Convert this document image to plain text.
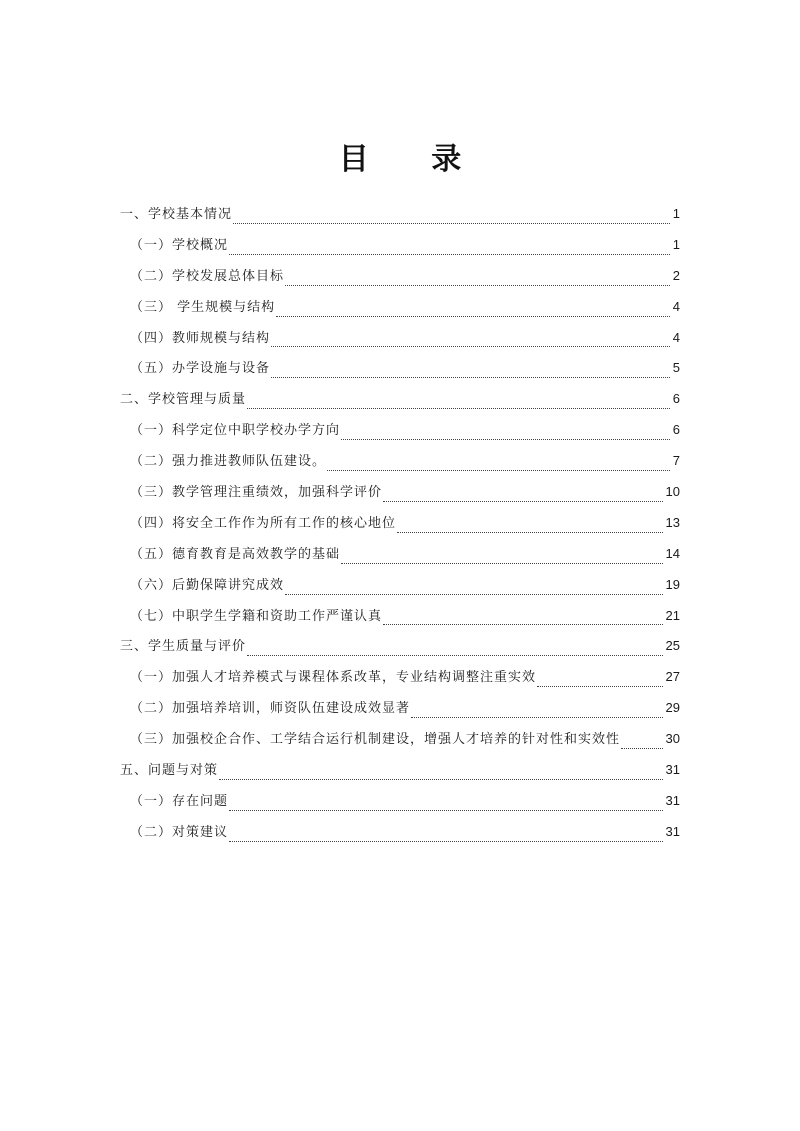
目 录
一、学校基本情况	1
（一）学校概况	1
（二）学校发展总体目标	2
（三） 学生规模与结构	4
（四）教师规模与结构	4
（五）办学设施与设备	5
二、学校管理与质量	6
（一）科学定位中职学校办学方向	6
（二）强力推进教师队伍建设。	7
（三）教学管理注重绩效，加强科学评价	10
（四）将安全工作作为所有工作的核心地位	13
（五）德育教育是高效教学的基础	14
（六）后勤保障讲究成效	19
（七）中职学生学籍和资助工作严谨认真	21
三、学生质量与评价	25
（一）加强人才培养模式与课程体系改革，专业结构调整注重实效	27
（二）加强培养培训，师资队伍建设成效显著	29
（三）加强校企合作、工学结合运行机制建设，增强人才培养的针对性和实效性	30
五、问题与对策	31
（一）存在问题	31
（二）对策建议	31
